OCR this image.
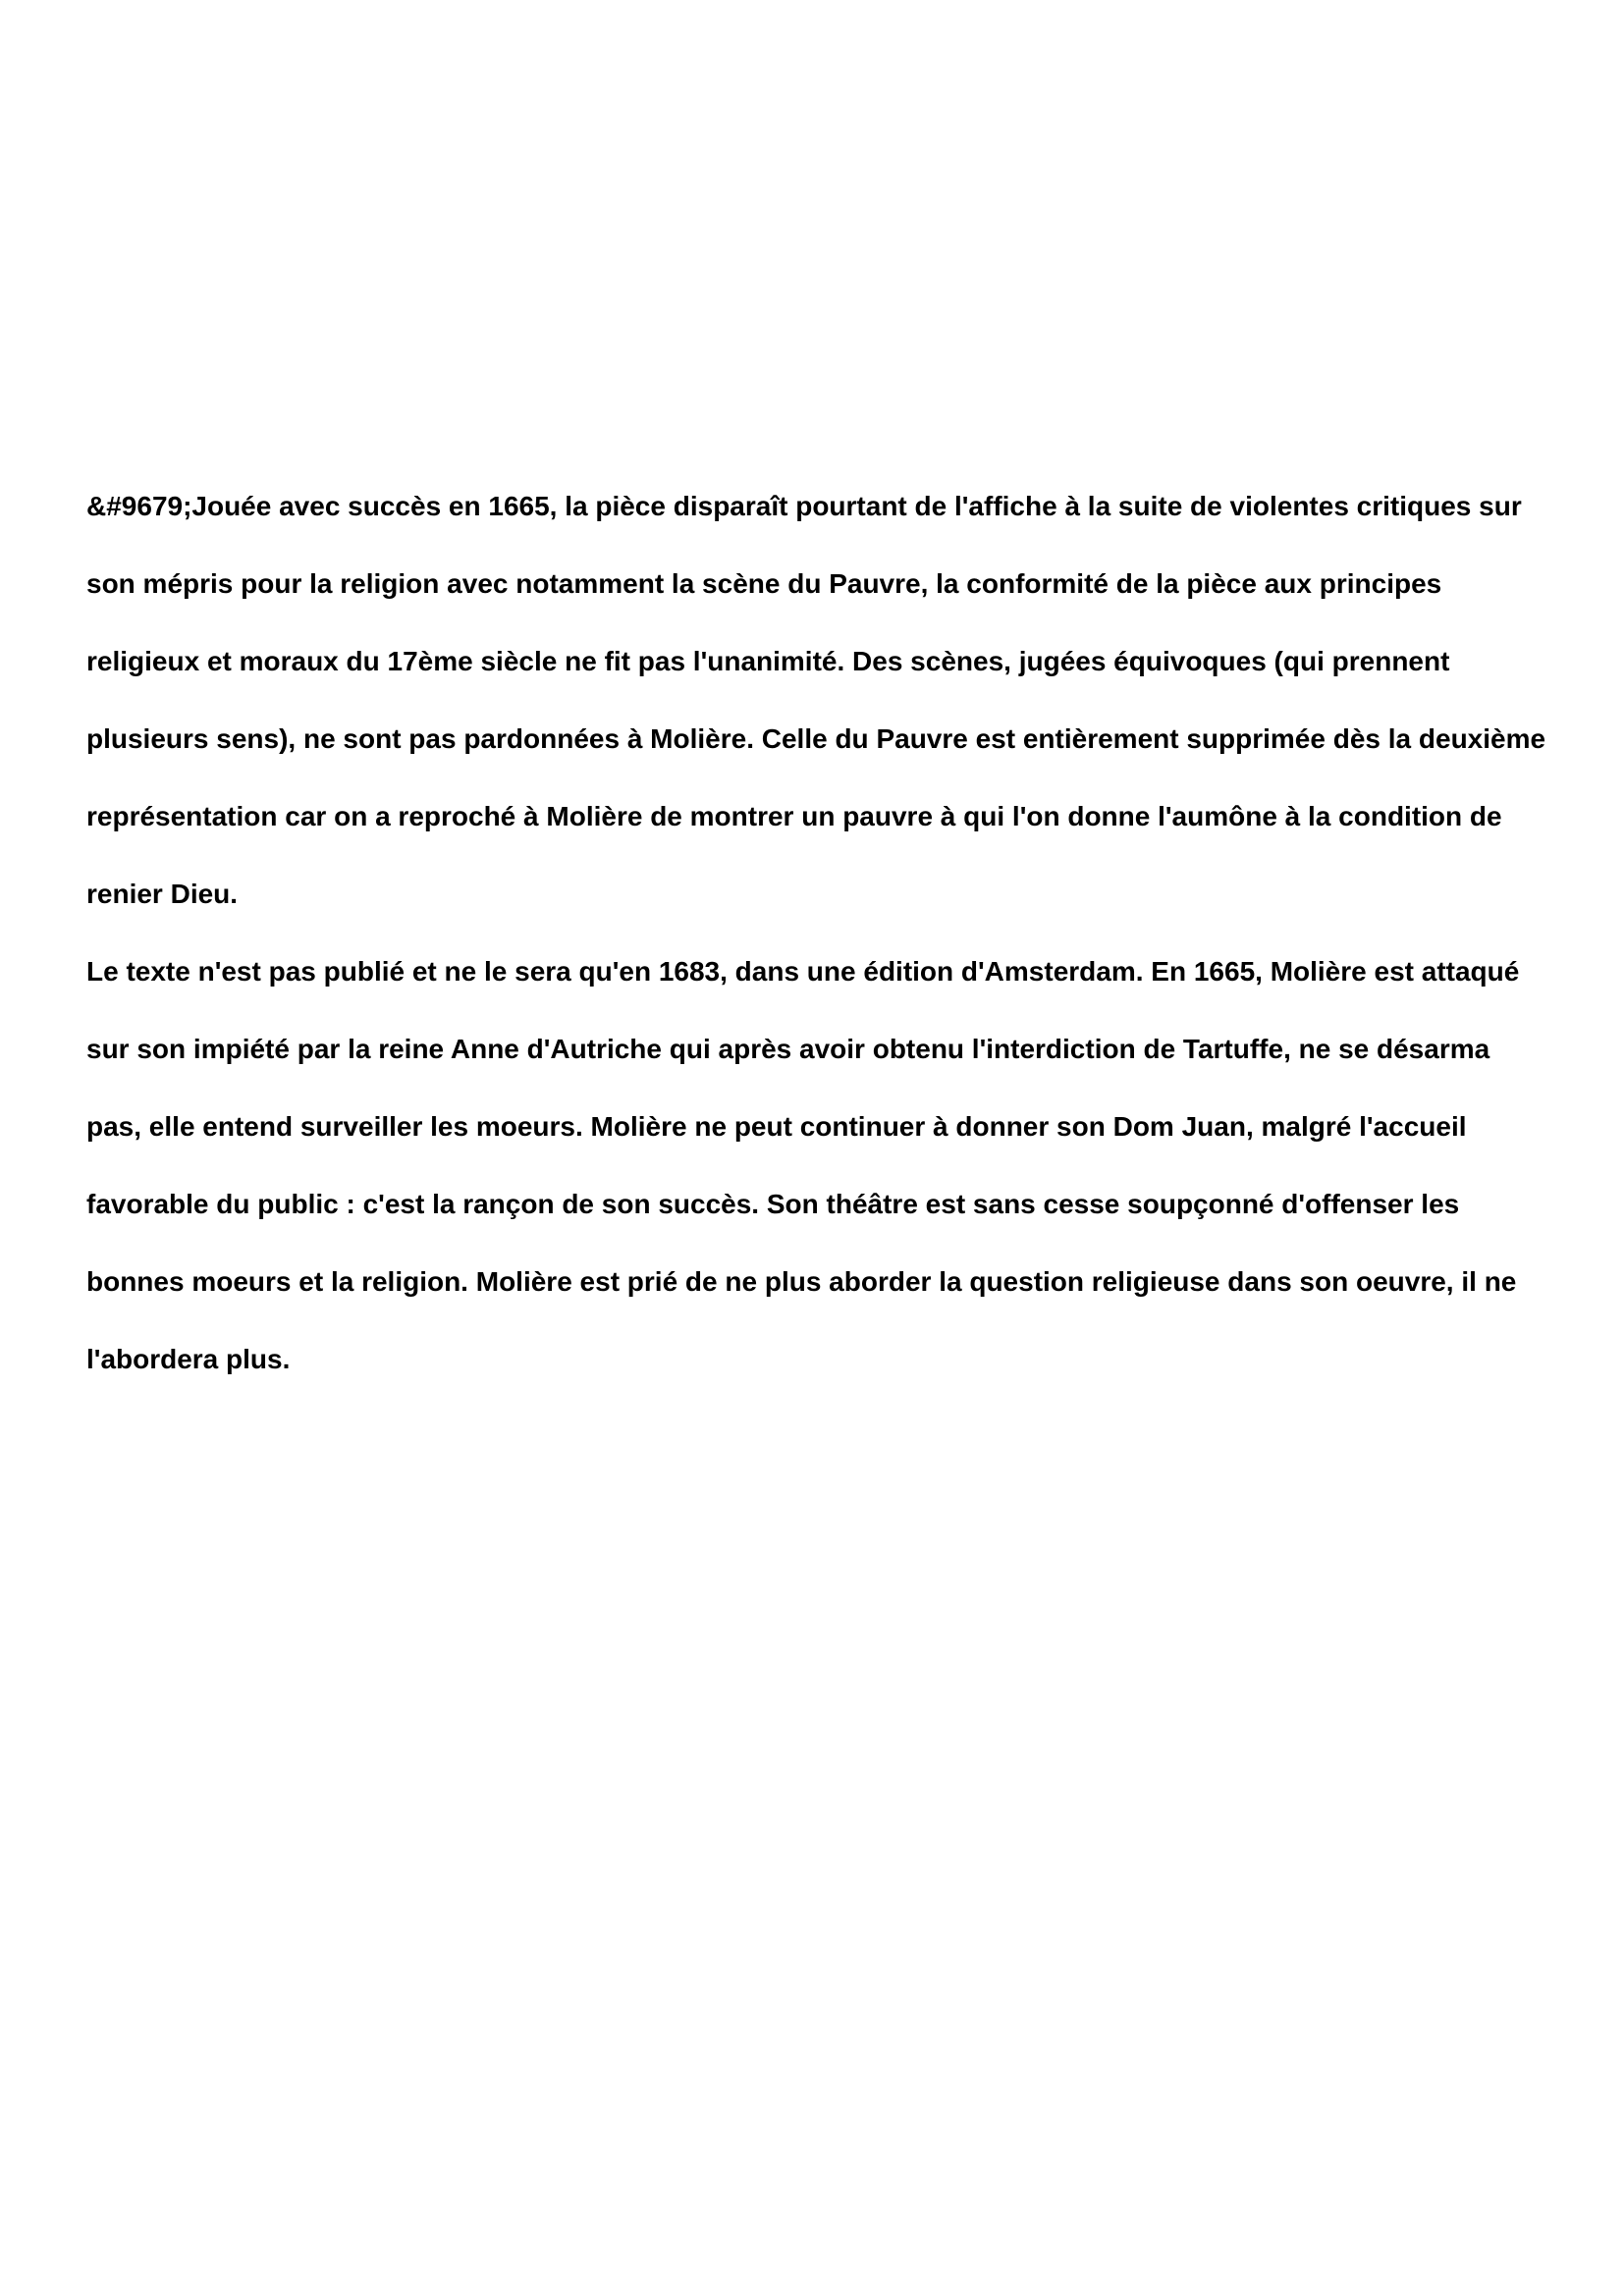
&#9679;Jouée avec succès en 1665, la pièce disparaît pourtant de l'affiche à la suite de violentes critiques sur
son mépris pour la religion avec notamment la scène du Pauvre, la conformité de la pièce aux principes
religieux et moraux du 17ème siècle ne fit pas l'unanimité. Des scènes, jugées équivoques (qui prennent
plusieurs sens), ne sont pas pardonnées à Molière. Celle du Pauvre est entièrement supprimée dès la deuxième
représentation car on a reproché à Molière de montrer un pauvre à qui l'on donne l'aumône à la condition de
renier Dieu.
Le texte n'est pas publié et ne le sera qu'en 1683, dans une édition d'Amsterdam. En 1665, Molière est attaqué
sur son impiété par la reine Anne d'Autriche qui après avoir obtenu l'interdiction de Tartuffe, ne se désarma
pas, elle entend surveiller les moeurs. Molière ne peut continuer à donner son Dom Juan, malgré l'accueil
favorable du public : c'est la rançon de son succès. Son théâtre est sans cesse soupçonné d'offenser les
bonnes moeurs et la religion. Molière est prié de ne plus aborder la question religieuse dans son oeuvre, il ne
l'abordera plus.
